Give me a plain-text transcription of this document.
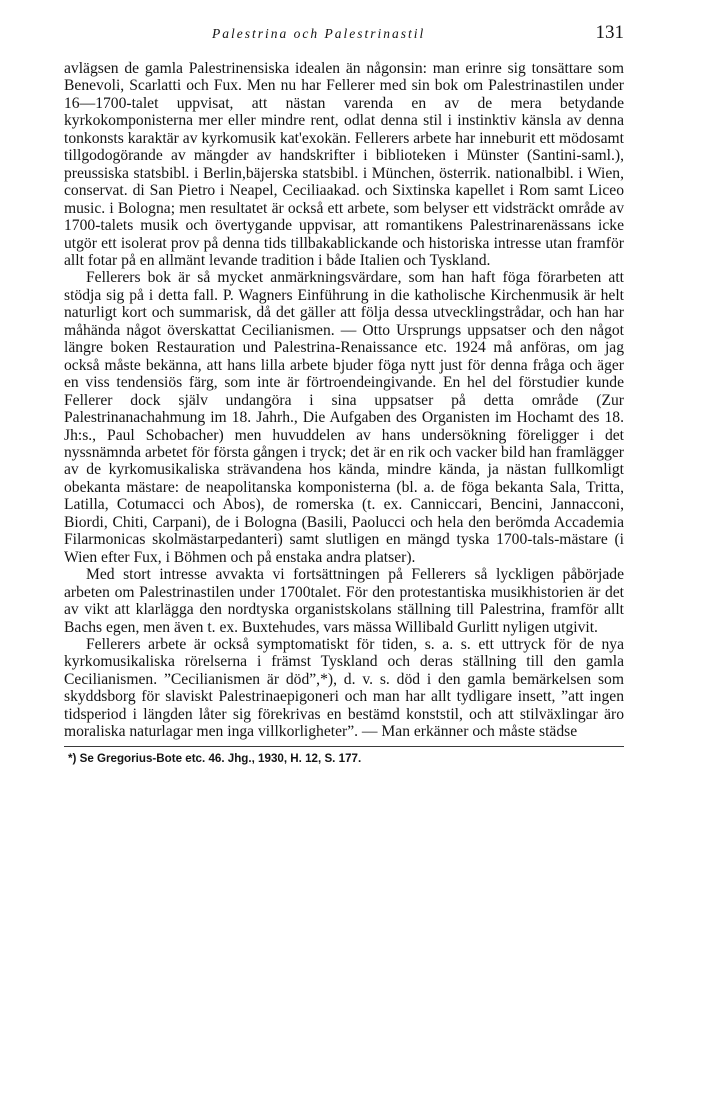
Palestrina och Palestrinastil	131

avlägsen de gamla Palestrinensiska idealen än någonsin: man erinre sig tonsättare som Benevoli, Scarlatti och Fux. Men nu har Fellerer med sin bok om Palestrinastilen under 16—1700-talet uppvisat, att nästan varenda en av de mera betydande kyrkokomponisterna mer eller mindre rent, odlat denna stil i instinktiv känsla av denna tonkonsts karaktär av kyrkomusik kat'exokän. Fellerers arbete har inneburit ett mödosamt tillgodogörande av mängder av handskrifter i biblioteken i Münster (Santini-saml.), preussiska statsbibl. i Berlin,bäjerska statsbibl. i München, österrik. nationalbibl. i Wien, conservat. di San Pietro i Neapel, Ceciliaakad. och Sixtinska kapellet i Rom samt Liceo music. i Bologna; men resultatet är också ett arbete, som belyser ett vidsträckt område av 1700-talets musik och övertygande uppvisar, att romantikens Palestrinarenässans icke utgör ett isolerat prov på denna tids tillbakablickande och historiska intresse utan framför allt fotar på en allmänt levande tradition i både Italien och Tyskland.

Fellerers bok är så mycket anmärkningsvärdare, som han haft föga förarbeten att stödja sig på i detta fall. P. Wagners Einführung in die katholische Kirchenmusik är helt naturligt kort och summarisk, då det gäller att följa dessa utvecklingstrådar, och han har måhända något överskattat Cecilianismen. — Otto Ursprungs uppsatser och den något längre boken Restauration und Palestrina-Renaissance etc. 1924 må anföras, om jag också måste bekänna, att hans lilla arbete bjuder föga nytt just för denna fråga och äger en viss tendensiös färg, som inte är förtroendeingivande. En hel del förstudier kunde Fellerer dock själv undangöra i sina uppsatser på detta område (Zur Palestrinanachahmung im 18. Jahrh., Die Aufgaben des Organisten im Hochamt des 18. Jh:s., Paul Schobacher) men huvuddelen av hans undersökning föreligger i det nyssnämnda arbetet för första gången i tryck; det är en rik och vacker bild han framlägger av de kyrkomusikaliska strävandena hos kända, mindre kända, ja nästan fullkomligt obekanta mästare: de neapolitanska komponisterna (bl. a. de föga bekanta Sala, Tritta, Latilla, Cotumacci och Abos), de romerska (t. ex. Canniccari, Bencini, Jannacconi, Biordi, Chiti, Carpani), de i Bologna (Basili, Paolucci och hela den berömda Accademia Filarmonicas skolmästarpedanteri) samt slutligen en mängd tyska 1700-tals-mästare (i Wien efter Fux, i Böhmen och på enstaka andra platser).

Med stort intresse avvakta vi fortsättningen på Fellerers så lyckligen påbörjade arbeten om Palestrinastilen under 1700talet. För den protestantiska musikhistorien är det av vikt att klarlägga den nordtyska organistskolans ställning till Palestrina, framför allt Bachs egen, men även t. ex. Buxtehudes, vars mässa Willibald Gurlitt nyligen utgivit.

Fellerers arbete är också symptomatiskt för tiden, s. a. s. ett uttryck för de nya kyrkomusikaliska rörelserna i främst Tyskland och deras ställning till den gamla Cecilianismen. ”Cecilianismen är död”,*), d. v. s. död i den gamla bemärkelsen som skyddsborg för slaviskt Palestrinaepigoneri och man har allt tydligare insett, ”att ingen tidsperiod i längden låter sig förekrivas en bestämd konststil, och att stilväxlingar äro moraliska naturlagar men inga villkorligheter”. — Man erkänner och måste städse

*) Se Gregorius-Bote etc. 46. Jhg., 1930, H. 12, S. 177.
